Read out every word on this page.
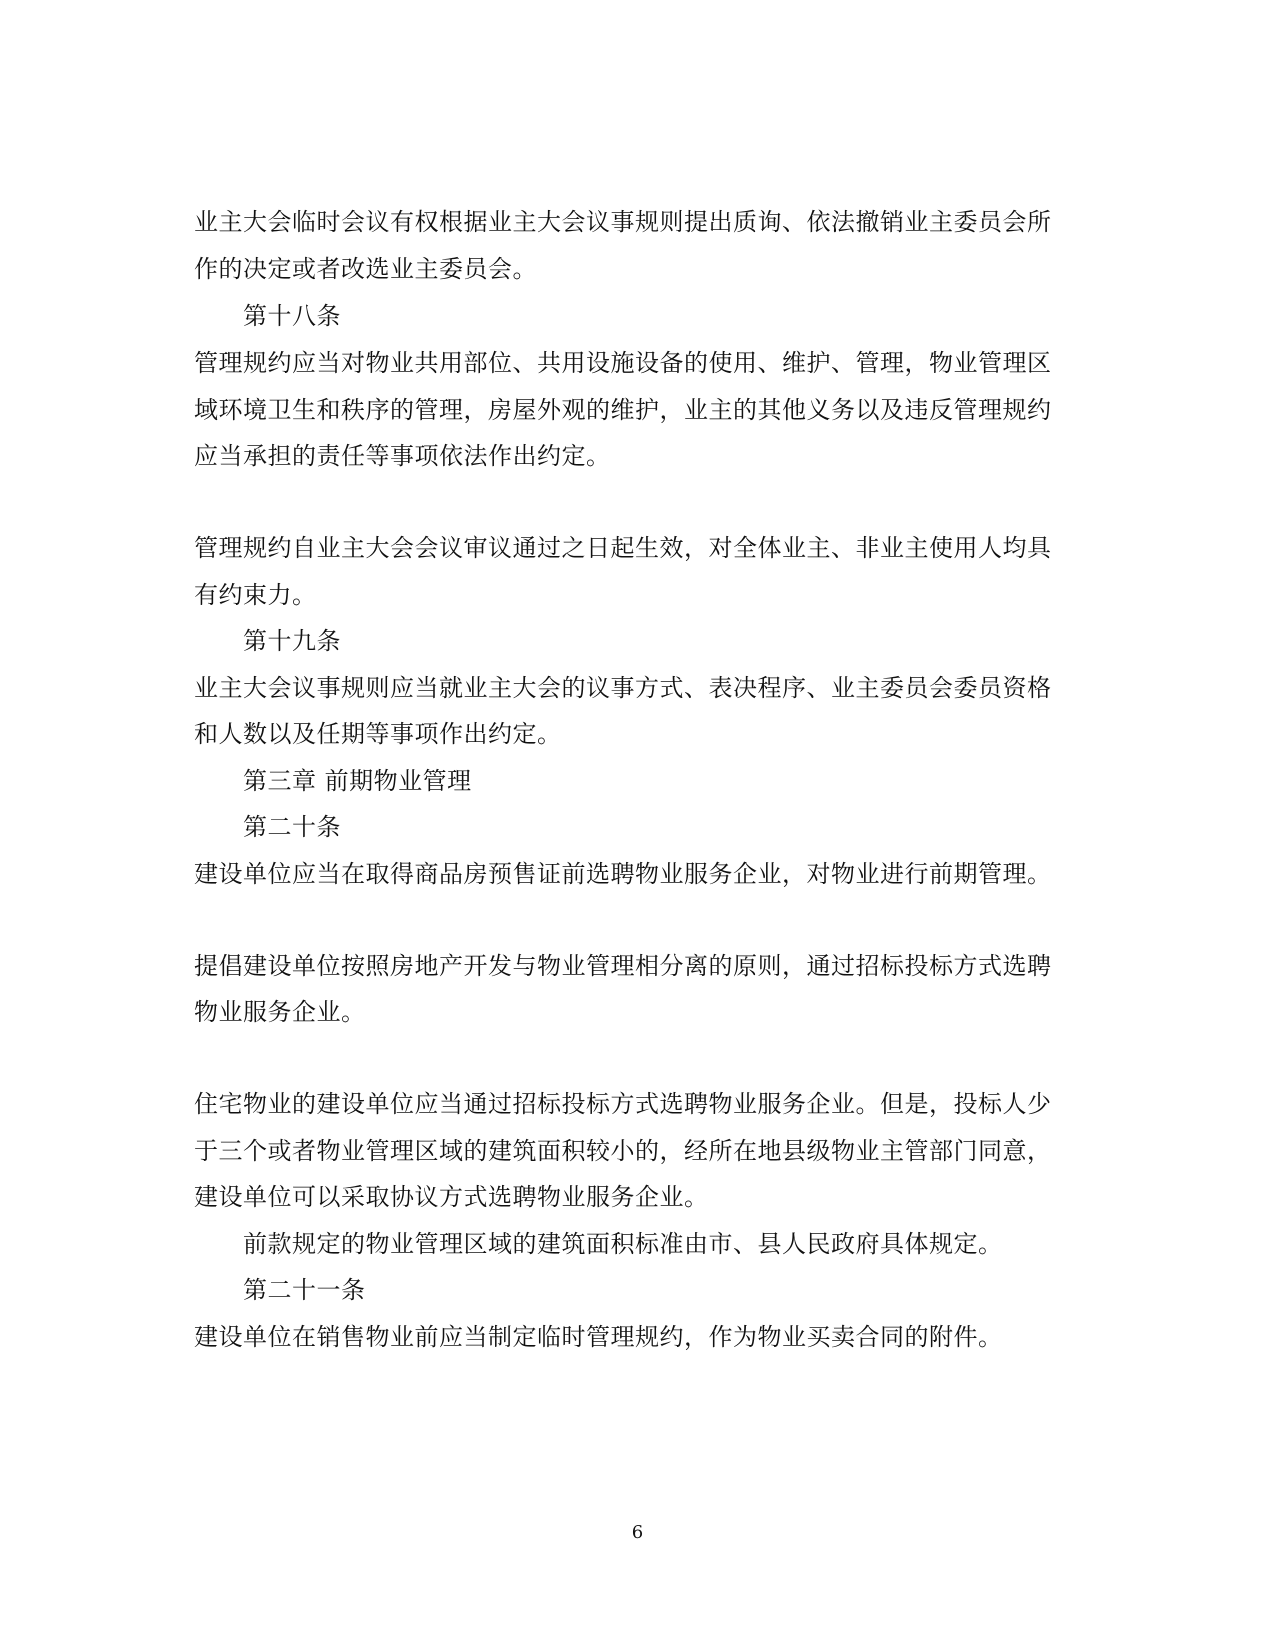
业主大会临时会议有权根据业主大会议事规则提出质询、依法撤销业主委员会所
作的决定或者改选业主委员会。
第十八条
管理规约应当对物业共用部位、共用设施设备的使用、维护、管理，物业管理区
域环境卫生和秩序的管理，房屋外观的维护，业主的其他义务以及违反管理规约
应当承担的责任等事项依法作出约定。
管理规约自业主大会会议审议通过之日起生效，对全体业主、非业主使用人均具
有约束力。
第十九条
业主大会议事规则应当就业主大会的议事方式、表决程序、业主委员会委员资格
和人数以及任期等事项作出约定。
第三章 前期物业管理
第二十条
建设单位应当在取得商品房预售证前选聘物业服务企业，对物业进行前期管理。
提倡建设单位按照房地产开发与物业管理相分离的原则，通过招标投标方式选聘
物业服务企业。
住宅物业的建设单位应当通过招标投标方式选聘物业服务企业。但是，投标人少
于三个或者物业管理区域的建筑面积较小的，经所在地县级物业主管部门同意，
建设单位可以采取协议方式选聘物业服务企业。
前款规定的物业管理区域的建筑面积标准由市、县人民政府具体规定。
第二十一条
建设单位在销售物业前应当制定临时管理规约，作为物业买卖合同的附件。
6
